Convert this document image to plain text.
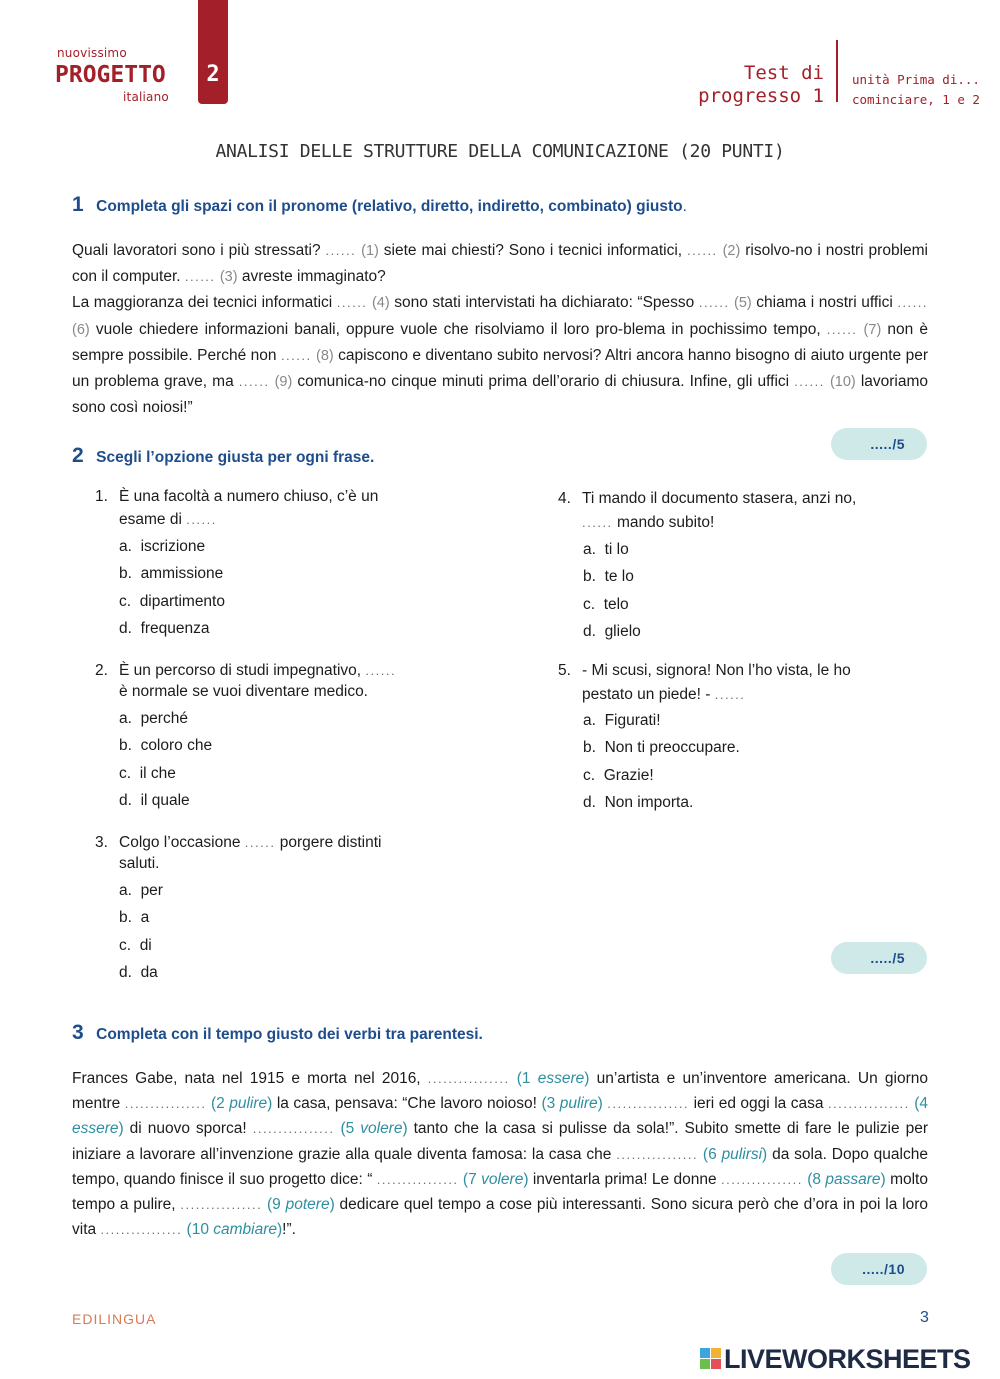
nuovissimo
PROGETTO
italiano
2	Test di
progresso 1
unità Prima di...
cominciare, 1 e 2
ANALISI DELLE STRUTTURE DELLA COMUNICAZIONE (20 PUNTI)
1 Completa gli spazi con il pronome (relativo, diretto, indiretto, combinato) giusto.
Quali lavoratori sono i più stressati? ...... (1) siete mai chiesti? Sono i tecnici informatici, ...... (2) risolvo-no i nostri problemi con il computer. ...... (3) avreste immaginato?
La maggioranza dei tecnici informatici ...... (4) sono stati intervistati ha dichiarato: “Spesso ...... (5) chiama i nostri uffici ...... (6) vuole chiedere informazioni banali, oppure vuole che risolviamo il loro pro-blema in pochissimo tempo, ...... (7) non è sempre possibile. Perché non ...... (8) capiscono e diventano subito nervosi? Altri ancora hanno bisogno di aiuto urgente per un problema grave, ma ...... (9) comunica-no cinque minuti prima dell’orario di chiusura. Infine, gli uffici ...... (10) lavoriamo sono così noiosi!”
...../5
2 Scegli l’opzione giusta per ogni frase.
1. È una facoltà a numero chiuso, c’è un
esame di ......
a. iscrizione
b. ammissione
c. dipartimento
d. frequenza
2. È un percorso di studi impegnativo, ......
è normale se vuoi diventare medico.
a. perché
b. coloro che
c. il che
d. il quale
3. Colgo l’occasione ...... porgere distinti
saluti.
a. per
b. a
c. di
d. da
4. Ti mando il documento stasera, anzi no,
...... mando subito!
a. ti lo
b. te lo
c. telo
d. glielo
5. - Mi scusi, signora! Non l’ho vista, le ho
pestato un piede! - ......
a. Figurati!
b. Non ti preoccupare.
c. Grazie!
d. Non importa.
...../5
3 Completa con il tempo giusto dei verbi tra parentesi.
Frances Gabe, nata nel 1915 e morta nel 2016, ................ (1 essere) un’artista e un’inventore americana. Un giorno mentre ................ (2 pulire) la casa, pensava: “Che lavoro noioso! (3 pulire) ................ ieri ed oggi la casa ................ (4 essere) di nuovo sporca! ................ (5 volere) tanto che la casa si pulisse da sola!”. Subito smette di fare le pulizie per iniziare a lavorare all’invenzione grazie alla quale diventa famosa: la casa che ................ (6 pulirsi) da sola. Dopo qualche tempo, quando finisce il suo progetto dice: “ ................ (7 volere) inventarla prima! Le donne ................ (8 passare) molto tempo a pulire, ................ (9 potere) dedicare quel tempo a cose più interessanti. Sono sicura però che d’ora in poi la loro vita ................ (10 cambiare)!”.
...../10
EDILINGUA	3
LIVEWORKSHEETS
